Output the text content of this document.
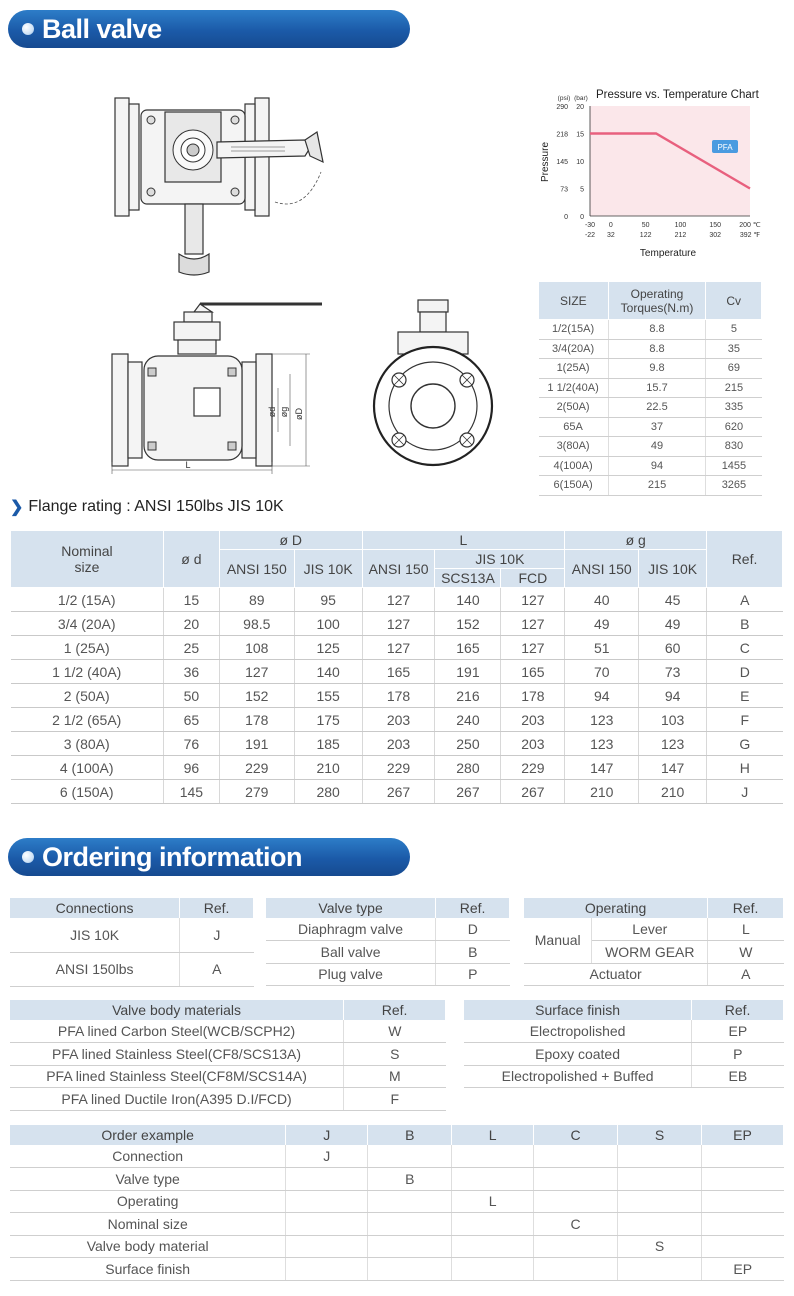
Ball valve
L
øD
øg
ød
(psi) (bar) Pressure vs. Temperature Chart
Pressure
Temperature
290 20
218 15
145 10
73 5
0 0
-30
-22
0
32
50
122
100
212
150
302
200 ℃
392 ℉
PFA
SIZE	Operating Torques(N.m)	Cv
1/2(15A)	8.8	5
3/4(20A)	8.8	35
1(25A)	9.8	69
1 1/2(40A)	15.7	215
2(50A)	22.5	335
65A	37	620
3(80A)	49	830
4(100A)	94	1455
6(150A)	215	3265
❯ Flange rating : ANSI 150lbs JIS 10K
Nominal size	ø d	ø D		L			ø g		Ref.
		ANSI 150	JIS 10K	ANSI 150	JIS 10K		ANSI 150	JIS 10K	
					SCS13A	FCD			
1/2 (15A)	15	89	95	127	140	127	40	45	A
3/4 (20A)	20	98.5	100	127	152	127	49	49	B
1 (25A)	25	108	125	127	165	127	51	60	C
1 1/2 (40A)	36	127	140	165	191	165	70	73	D
2 (50A)	50	152	155	178	216	178	94	94	E
2 1/2 (65A)	65	178	175	203	240	203	123	103	F
3 (80A)	76	191	185	203	250	203	123	123	G
4 (100A)	96	229	210	229	280	229	147	147	H
6 (150A)	145	279	280	267	267	267	210	210	J
Ordering information
Connections	Ref.
JIS 10K	J
ANSI 150lbs	A
Valve type	Ref.
Diaphragm valve	D
Ball valve	B
Plug valve	P
Operating		Ref.
Manual	Lever	L
	WORM GEAR	W
Actuator		A
Valve body materials	Ref.
PFA lined Carbon Steel(WCB/SCPH2)	W
PFA lined Stainless Steel(CF8/SCS13A)	S
PFA lined Stainless Steel(CF8M/SCS14A)	M
PFA lined Ductile Iron(A395 D.I/FCD)	F
Surface finish	Ref.
Electropolished	EP
Epoxy coated	P
Electropolished + Buffed	EB
Order example	J	B	L	C	S	EP
Connection	J					
Valve type		B				
Operating			L			
Nominal size				C		
Valve body material					S	
Surface finish						EP
